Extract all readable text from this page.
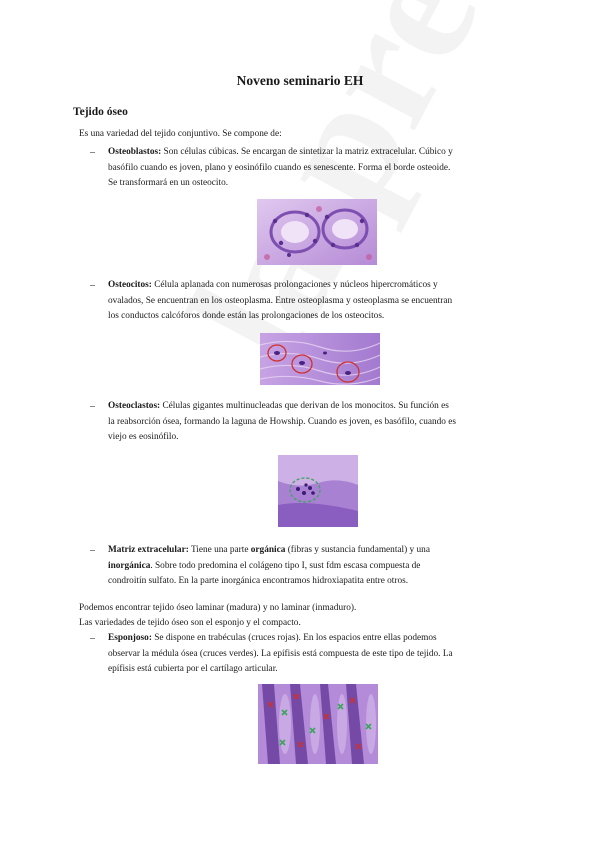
Noveno seminario EH
Tejido óseo
Es una variedad del tejido conjuntivo. Se compone de:
– Osteoblastos: Son células cúbicas. Se encargan de sintetizar la matriz extracelular. Cúbico y
basófilo cuando es joven, plano y eosinófilo cuando es senescente. Forma el borde osteoide.
Se transformará en un osteocito.
– Osteocitos: Célula aplanada con numerosas prolongaciones y núcleos hipercromáticos y
ovalados, Se encuentran en los osteoplasma. Entre osteoplasma y osteoplasma se encuentran
los conductos calcóforos donde están las prolongaciones de los osteocitos.
– Osteoclastos: Células gigantes multinucleadas que derivan de los monocitos. Su función es
la reabsorción ósea, formando la laguna de Howship. Cuando es joven, es basófilo, cuando es
viejo es eosinófilo.
– Matriz extracelular: Tiene una parte orgánica (fibras y sustancia fundamental) y una
inorgánica. Sobre todo predomina el colágeno tipo I, sust fdm escasa compuesta de
condroitín sulfato. En la parte inorgánica encontramos hidroxiapatita entre otros.
Podemos encontrar tejido óseo laminar (madura) y no laminar (inmaduro).
Las variedades de tejido óseo son el esponjo y el compacto.
– Esponjoso: Se dispone en trabéculas (cruces rojas). En los espacios entre ellas podemos
observar la médula ósea (cruces verdes). La epífisis está compuesta de este tipo de tejido. La
epífisis está cubierta por el cartílago articular.
